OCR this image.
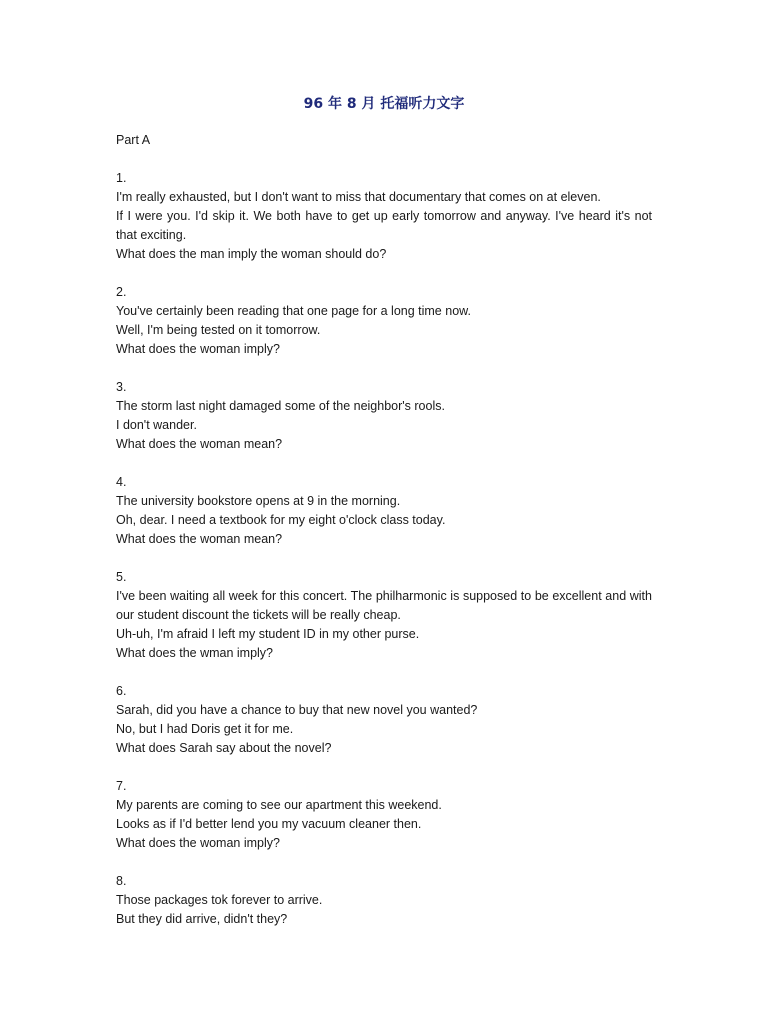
96 年 8 月 托福听力文字
Part A
1.
I'm really exhausted, but I don't want to miss that documentary that comes on at eleven.
If I were you. I'd skip it. We both have to get up early tomorrow and anyway. I've heard it's not that exciting.
What does the man imply the woman should do?
2.
You've certainly been reading that one page for a long time now.
Well, I'm being tested on it tomorrow.
What does the woman imply?
3.
The storm last night damaged some of the neighbor's rools.
I don't wander.
What does the woman mean?
4.
The university bookstore opens at 9 in the morning.
Oh, dear. I need a textbook for my eight o'clock class today.
What does the woman mean?
5.
I've been waiting all week for this concert. The philharmonic is supposed to be excellent and with our student discount the tickets will be really cheap.
Uh-uh, I'm afraid I left my student ID in my other purse.
What does the wman imply?
6.
Sarah, did you have a chance to buy that new novel you wanted?
No, but I had Doris get it for me.
What does Sarah say about the novel?
7.
My parents are coming to see our apartment this weekend.
Looks as if I'd better lend you my vacuum cleaner then.
What does the woman imply?
8.
Those packages tok forever to arrive.
But they did arrive, didn't they?
